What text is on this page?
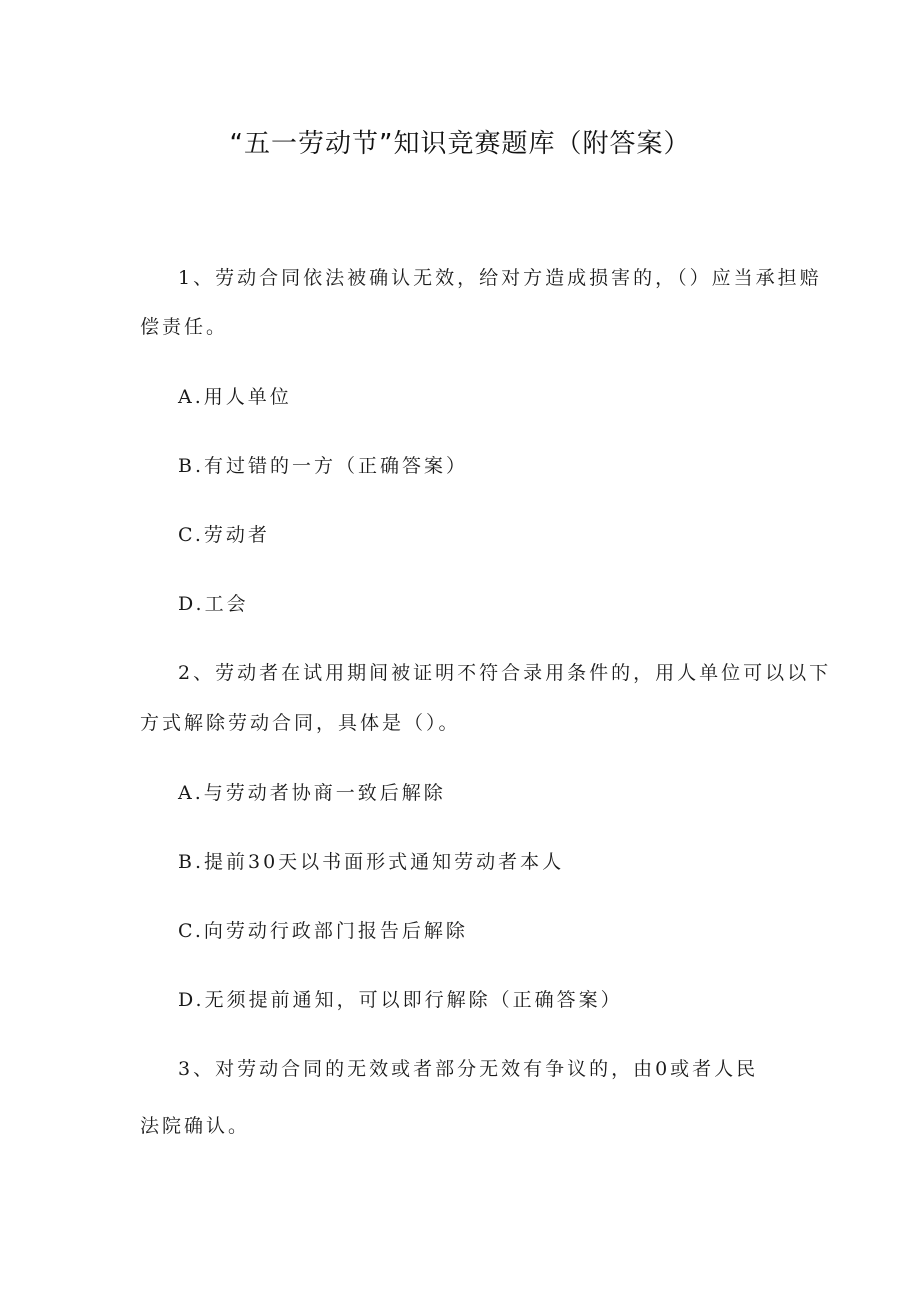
“五一劳动节”知识竞赛题库（附答案）
1、劳动合同依法被确认无效，给对方造成损害的，（）应当承担赔
偿责任。
A.用人单位
B.有过错的一方（正确答案）
C.劳动者
D.工会
2、劳动者在试用期间被证明不符合录用条件的，用人单位可以以下
方式解除劳动合同，具体是（）。
A.与劳动者协商一致后解除
B.提前30天以书面形式通知劳动者本人
C.向劳动行政部门报告后解除
D.无须提前通知，可以即行解除（正确答案）
3、对劳动合同的无效或者部分无效有争议的，由0或者人民
法院确认。
